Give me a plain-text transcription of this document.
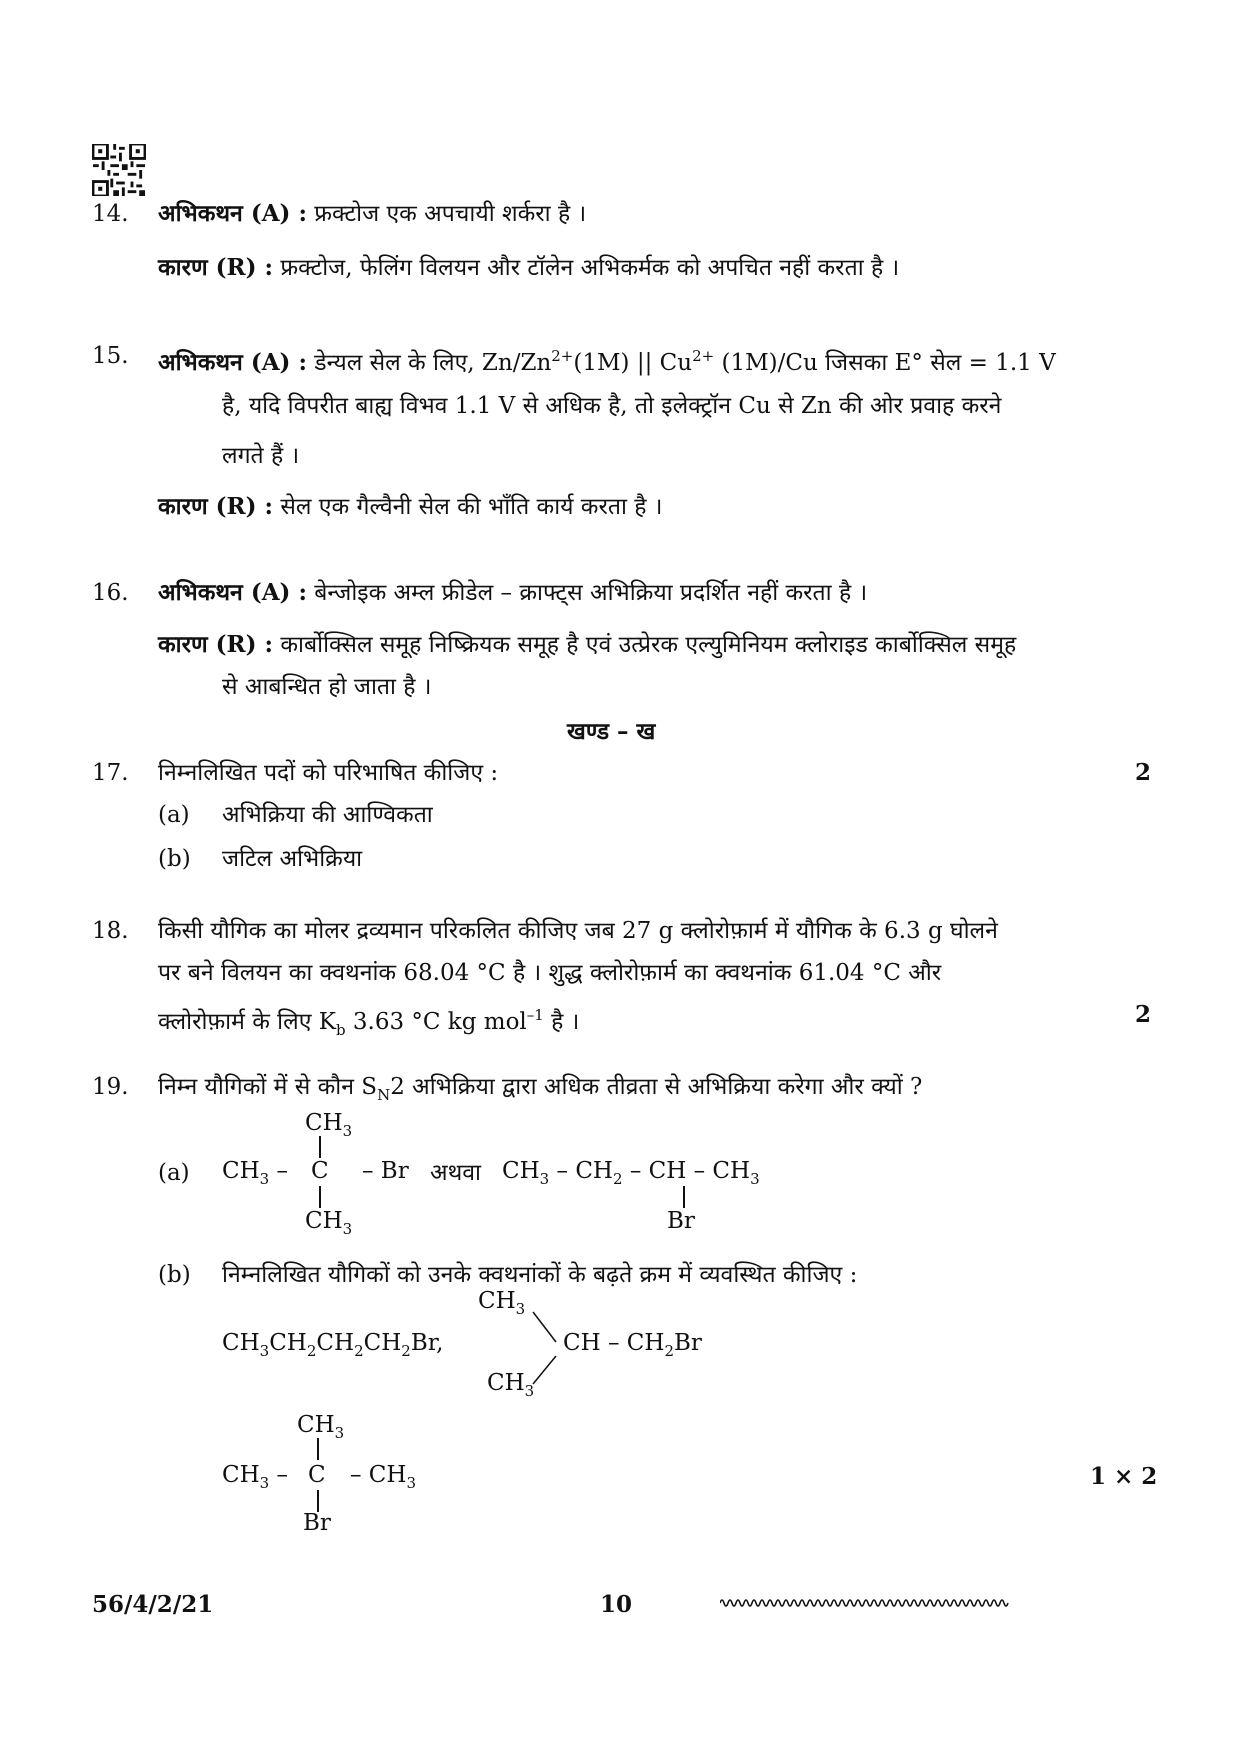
14. अभिकथन (A) : फ्रक्टोज एक अपचायी शर्करा है ।
कारण (R) : फ्रक्टोज, फेलिंग विलयन और टॉलेन अभिकर्मक को अपचित नहीं करता है ।
15. अभिकथन (A) : डेन्यल सेल के लिए, $Zn/Zn^{2+}(1M)$ || $Cu^{2+}$ (1M)/Cu जिसका E° सेल = 1.1 V
है, यदि विपरीत बाह्य विभव 1.1 V से अधिक है, तो इलेक्ट्रॉन Cu से Zn की ओर प्रवाह करने
लगते हैं ।
कारण (R) : सेल एक गैल्वैनी सेल की भाँति कार्य करता है ।
16. अभिकथन (A) : बेन्जोइक अम्ल फ्रीडेल – क्राफ्ट्स अभिक्रिया प्रदर्शित नहीं करता है ।
कारण (R) : कार्बोक्सिल समूह निष्क्रियक समूह है एवं उत्प्रेरक एल्युमिनियम क्लोराइड कार्बोक्सिल समूह
से आबन्धित हो जाता है ।
खण्ड – ख
17. निम्नलिखित पदों को परिभाषित कीजिए :	2
(a) अभिक्रिया की आण्विकता
(b) जटिल अभिक्रिया
18. किसी यौगिक का मोलर द्रव्यमान परिकलित कीजिए जब 27 g क्लोरोफ़ार्म में यौगिक के 6.3 g घोलने
पर बने विलयन का क्वथनांक 68.04 °C है । शुद्ध क्लोरोफ़ार्म का क्वथनांक 61.04 °C और
क्लोरोफ़ार्म के लिए $K_b$ 3.63 °C kg mol$^{-1}$ है ।	2
19. निम्न यौगिकों में से कौन $S_N2$ अभिक्रिया द्वारा अधिक तीव्रता से अभिक्रिया करेगा और क्यों ?
(a)
$CH_3$
$CH_3$ – C – Br
$CH_3$
अथवा $CH_3 - CH_2$ – CH – $CH_3$
Br
(b) निम्नलिखित यौगिकों को उनके क्वथनांकों के बढ़ते क्रम में व्यवस्थित कीजिए :
$CH_3CH_2CH_2CH_2Br$,
$CH_3$
CH – $CH_2Br$
$CH_3$
$CH_3$
$CH_3$ – C – $CH_3$
Br
1 × 2
56/4/2/21	10
